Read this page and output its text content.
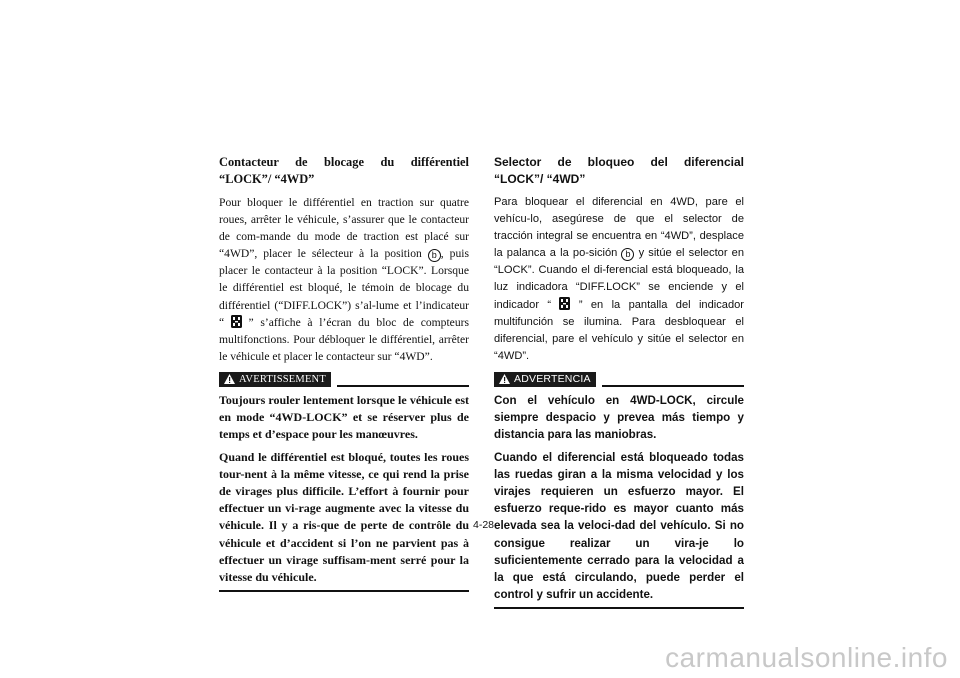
Contacteur de blocage du différentiel “LOCK”/ “4WD”

Pour bloquer le différentiel en traction sur quatre roues, arrêter le véhicule, s’assurer que le contacteur de com-mande du mode de traction est placé sur “4WD”, placer le sélecteur à la position b , puis placer le contacteur à la position “LOCK”. Lorsque le différentiel est bloqué, le témoin de blocage du différentiel (“DIFF.LOCK”) s’al-lume et l’indicateur “  ” s’affiche à l’écran du bloc de compteurs multifonctions. Pour débloquer le différentiel, arrêter le véhicule et placer le contacteur sur “4WD”.

AVERTISSEMENT

Toujours rouler lentement lorsque le véhicule est en mode “4WD-LOCK” et se réserver plus de temps et d’espace pour les manœuvres.

Quand le différentiel est bloqué, toutes les roues tour-nent à la même vitesse, ce qui rend la prise de virages plus difficile. L’effort à fournir pour effectuer un vi-rage augmente avec la vitesse du véhicule. Il y a ris-que de perte de contrôle du véhicule et d’accident si l’on ne parvient pas à effectuer un virage suffisam-ment serré pour la vitesse du véhicule.

Selector de bloqueo del diferencial “LOCK”/ “4WD”

Para bloquear el diferencial en 4WD, pare el vehícu-lo, asegúrese de que el selector de tracción integral se encuentra en “4WD”, desplace la palanca a la po-sición b y sitúe el selector en “LOCK”. Cuando el di-ferencial está bloqueado, la luz indicadora “DIFF.LOCK” se enciende y el indicador “  ” en la pantalla del indicador multifunción se ilumina. Para desbloquear el diferencial, pare el vehículo y sitúe el selector en “4WD”.

ADVERTENCIA

Con el vehículo en 4WD-LOCK, circule siempre despacio y prevea más tiempo y distancia para las maniobras.

Cuando el diferencial está bloqueado todas las ruedas giran a la misma velocidad y los virajes requieren un esfuerzo mayor. El esfuerzo reque-rido es mayor cuanto más elevada sea la veloci-dad del vehículo. Si no consigue realizar un vira-je lo suficientemente cerrado para la velocidad a la que está circulando, puede perder el control y sufrir un accidente.

4-28
carmanualsonline.info
